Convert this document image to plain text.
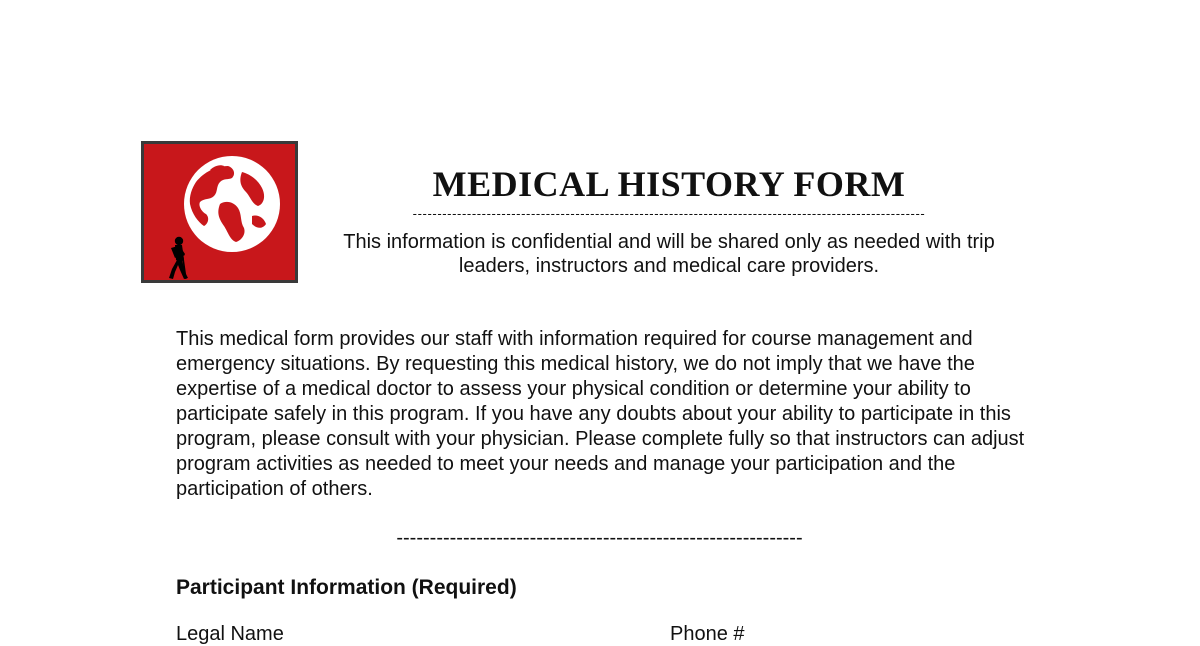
MEDICAL HISTORY FORM
--------------------------------------------------------------------------------------------------------
This information is confidential and will be shared only as needed with trip leaders, instructors and medical care providers.

This medical form provides our staff with information required for course management and emergency situations. By requesting this medical history, we do not imply that we have the expertise of a medical doctor to assess your physical condition or determine your ability to participate safely in this program. If you have any doubts about your ability to participate in this program, please consult with your physician. Please complete fully so that instructors can adjust program activities as needed to meet your needs and manage your participation and the participation of others.

-------------------------------------------------------------
Participant Information (Required)
Legal Name	Phone #
